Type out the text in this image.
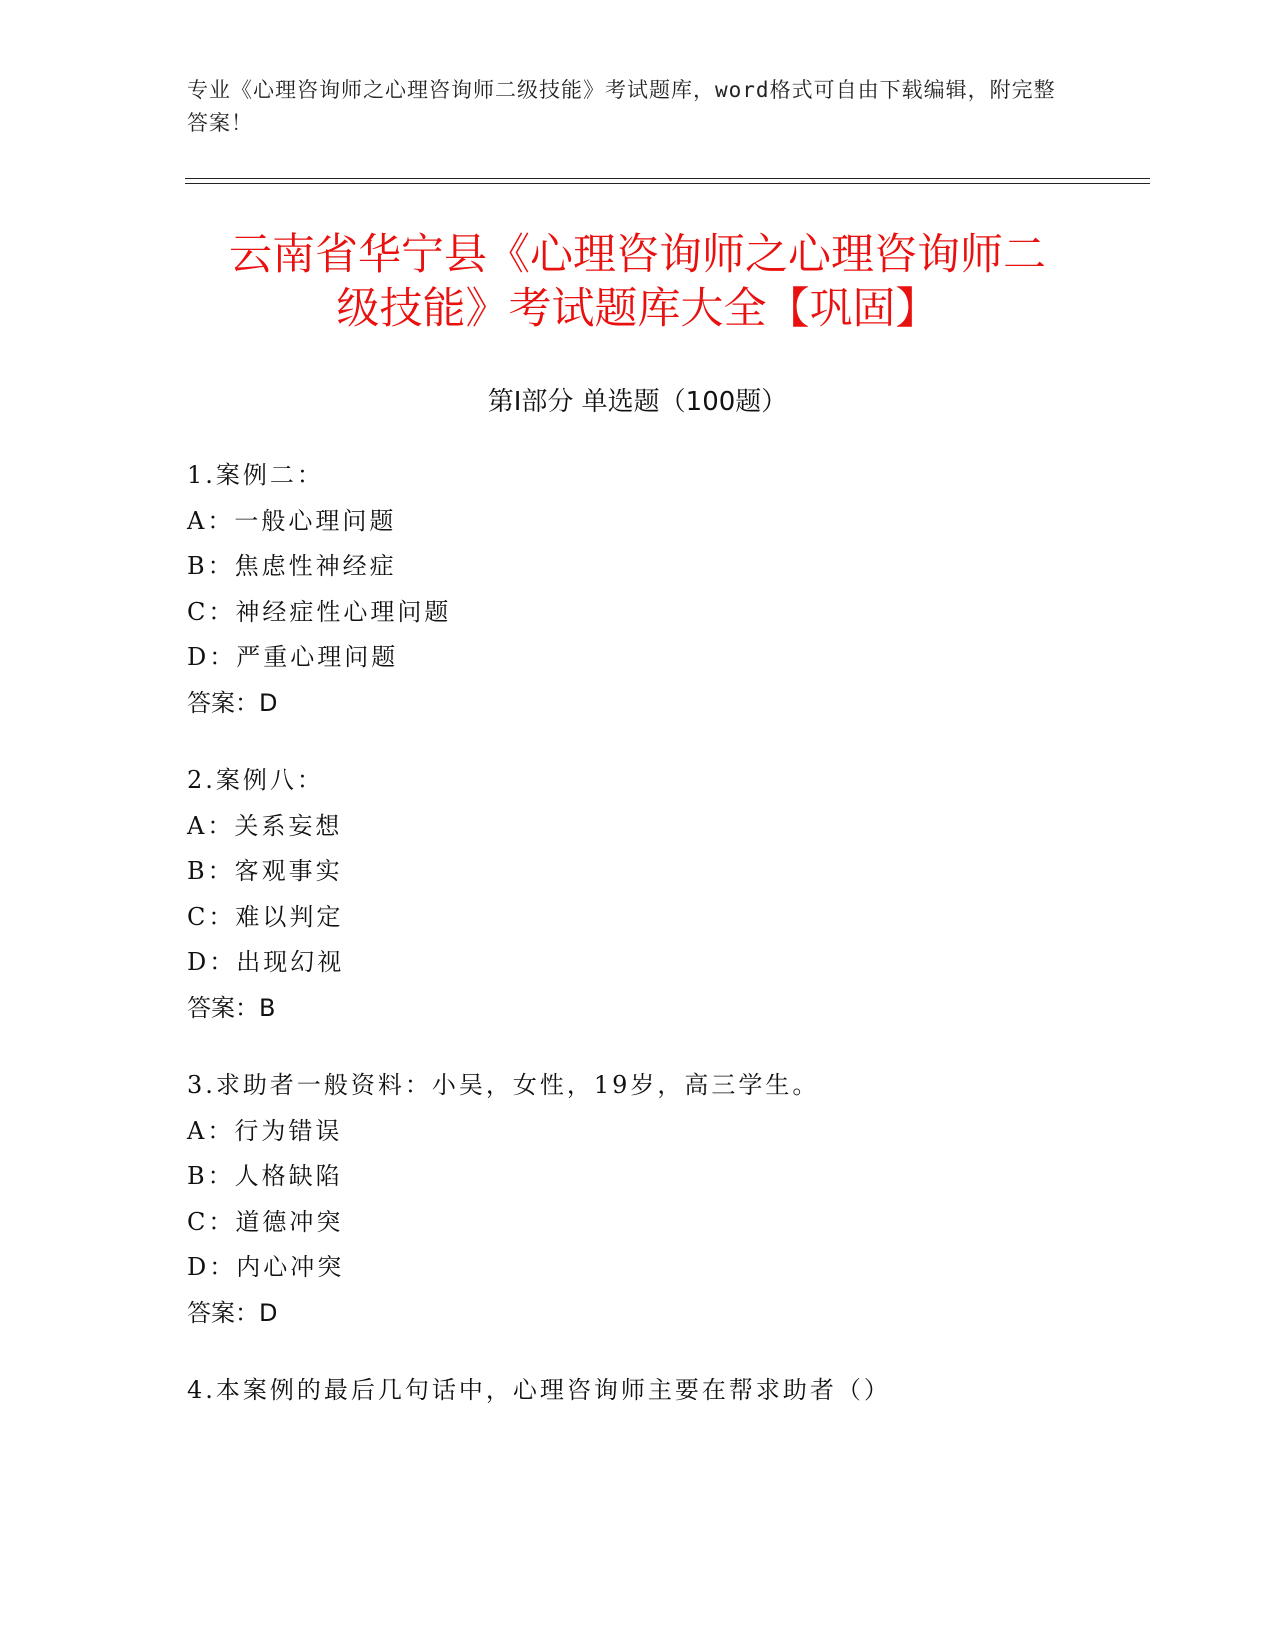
专业《心理咨询师之心理咨询师二级技能》考试题库，word格式可自由下载编辑，附完整答案！
云南省华宁县《心理咨询师之心理咨询师二
级技能》考试题库大全【巩固】
第I部分 单选题（100题）
1.案例二：
A：一般心理问题
B：焦虑性神经症
C：神经症性心理问题
D：严重心理问题
答案：D
2.案例八：
A：关系妄想
B：客观事实
C：难以判定
D：出现幻视
答案：B
3.求助者一般资料：小吴，女性，19岁，高三学生。
A：行为错误
B：人格缺陷
C：道德冲突
D：内心冲突
答案：D
4.本案例的最后几句话中，心理咨询师主要在帮求助者（）
